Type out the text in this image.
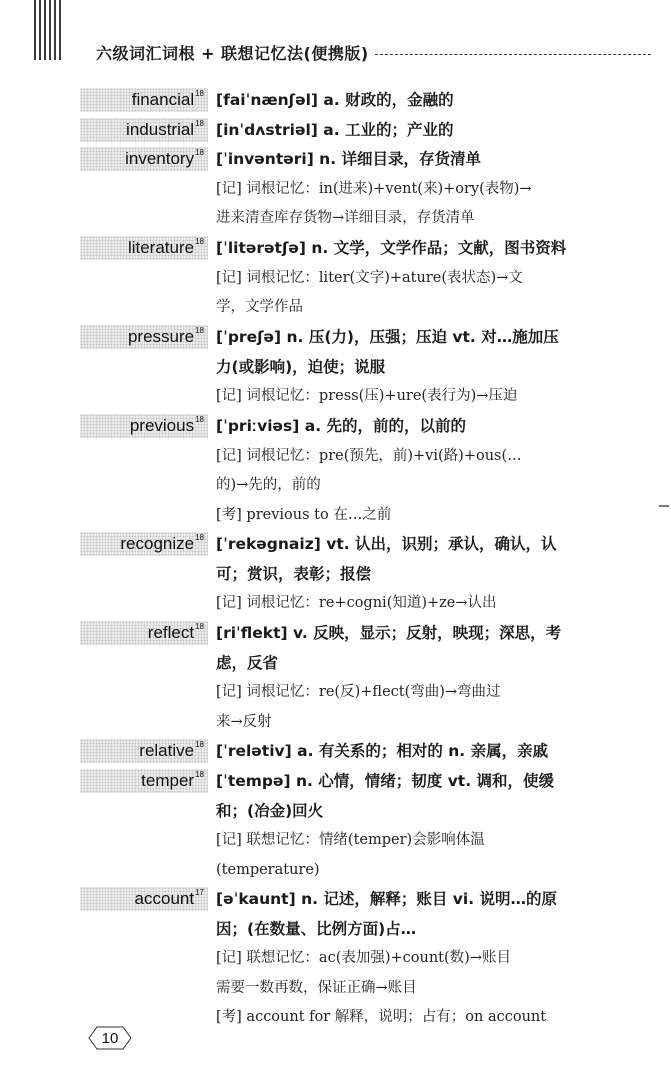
六级词汇词根 + 联想记忆法(便携版)
financial 18 [faiˈnænʃəl] a. 财政的，金融的
industrial 18 [inˈdʌstriəl] a. 工业的；产业的
inventory 18 [ˈinvəntəri] n. 详细目录，存货清单
[记] 词根记忆：in(进来)+vent(来)+ory(表物)→
进来清查库存货物→详细目录，存货清单
literature 18 [ˈlitərətʃə] n. 文学，文学作品；文献，图书资料
[记] 词根记忆：liter(文字)+ature(表状态)→文
学，文学作品
pressure 18 [ˈpreʃə] n. 压(力)，压强；压迫 vt. 对…施加压
力(或影响)，迫使；说服
[记] 词根记忆：press(压)+ure(表行为)→压迫
previous 18 [ˈpriːviəs] a. 先的，前的，以前的
[记] 词根记忆：pre(预先，前)+vi(路)+ous(…
的)→先的，前的
[考] previous to 在…之前
recognize 18 [ˈrekəgnaiz] vt. 认出，识别；承认，确认，认
可；赏识，表彰；报偿
[记] 词根记忆：re+cogni(知道)+ze→认出
reflect 18 [riˈflekt] v. 反映，显示；反射，映现；深思，考
虑，反省
[记] 词根记忆：re(反)+flect(弯曲)→弯曲过
来→反射
relative 18 [ˈrelətiv] a. 有关系的；相对的 n. 亲属，亲戚
temper 18 [ˈtempə] n. 心情，情绪；韧度 vt. 调和，使缓
和；(冶金)回火
[记] 联想记忆：情绪(temper)会影响体温
(temperature)
account 17 [əˈkaunt] n. 记述，解释；账目 vi. 说明…的原
因；(在数量、比例方面)占…
[记] 联想记忆：ac(表加强)+count(数)→账目
需要一数再数，保证正确→账目
[考] account for 解释，说明；占有；on account
10
